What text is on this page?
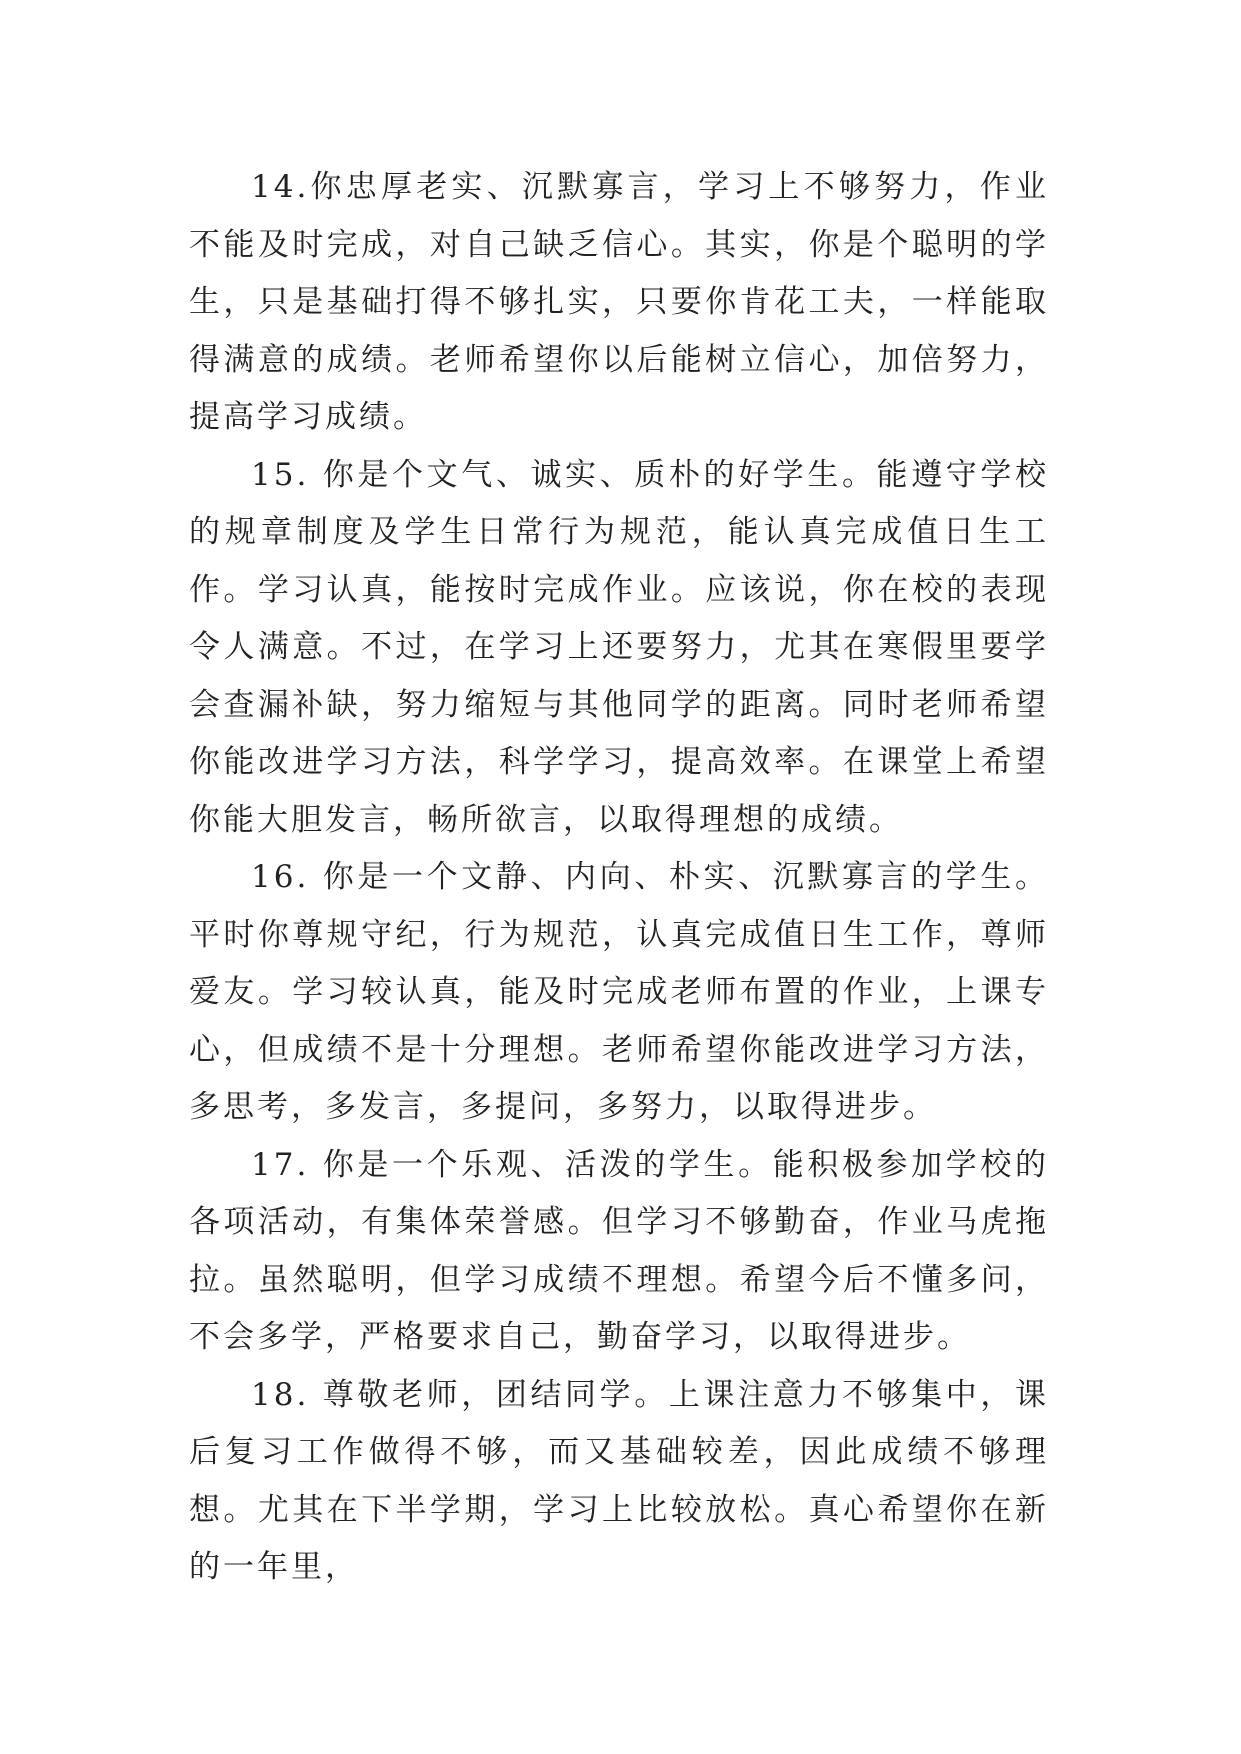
14.你忠厚老实、沉默寡言，学习上不够努力，作业不能及时完成，对自己缺乏信心。其实，你是个聪明的学生，只是基础打得不够扎实，只要你肯花工夫，一样能取得满意的成绩。老师希望你以后能树立信心，加倍努力，提高学习成绩。

15. 你是个文气、诚实、质朴的好学生。能遵守学校的规章制度及学生日常行为规范，能认真完成值日生工作。学习认真，能按时完成作业。应该说，你在校的表现令人满意。不过，在学习上还要努力，尤其在寒假里要学会查漏补缺，努力缩短与其他同学的距离。同时老师希望你能改进学习方法，科学学习，提高效率。在课堂上希望你能大胆发言，畅所欲言，以取得理想的成绩。

16. 你是一个文静、内向、朴实、沉默寡言的学生。平时你尊规守纪，行为规范，认真完成值日生工作，尊师爱友。学习较认真，能及时完成老师布置的作业，上课专心，但成绩不是十分理想。老师希望你能改进学习方法，多思考，多发言，多提问，多努力，以取得进步。

17. 你是一个乐观、活泼的学生。能积极参加学校的各项活动，有集体荣誉感。但学习不够勤奋，作业马虎拖拉。虽然聪明，但学习成绩不理想。希望今后不懂多问，不会多学，严格要求自己，勤奋学习，以取得进步。

18. 尊敬老师，团结同学。上课注意力不够集中，课后复习工作做得不够，而又基础较差，因此成绩不够理想。尤其在下半学期，学习上比较放松。真心希望你在新的一年里，
